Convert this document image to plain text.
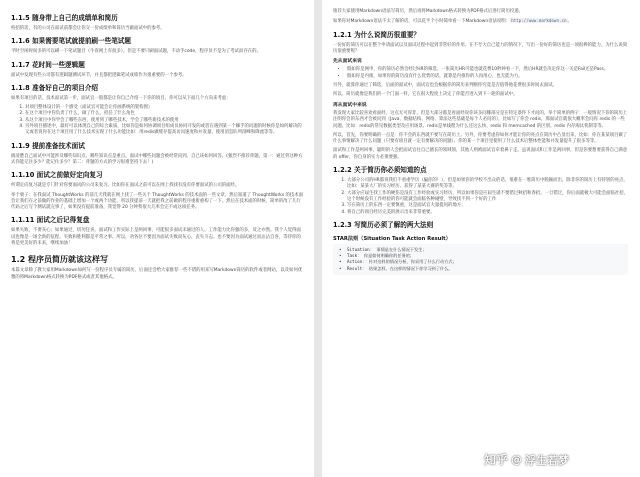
1.1.5 随身带上自己的成绩单和简历

校招的话，有的公司在面试前都会让你交一份成绩单和简历当做面试中的参考。

1.1.6 如果需要笔试就提前刷一些笔试题

平时空闲时间多的可以刷一下笔试题目（牛客网上有很多）。但是不要只刷面试题，不动手code，程序员不是为了考试而存在的。

1.1.7 花时间一些逻辑题

面试中发现有些公司都有逻辑题测试环节，并且都把逻辑笔试成绩作为很重要的一个参考。

1.1.8 准备好自己的项目介绍

如果有项目的话，技术面试第一步，面试官一般都是让你自己介绍一下你的项目。你可以从下面几个方向来考虑：

1. 对项目整体设计的一个感受（面试官可能会让你画系统的架构图）
2. 在这个项目中你负责了什么，做了什么，担任了什么角色
3. 从这个项目中你学会了哪些东西，使用到了哪些技术，学会了哪些新技术的使用
4. 另外项目描述中，最好可以体现自己的综合素质，比如你是如何协调项目组成员协同开发的或者在遇到某一个棘手的问题的时候你是如何解决的又或者说你在这个项目用了什么技术实现了什么功能比如：用redis做缓存提高访问速度和并发量、使用消息队列削峰和降流等等。
1.1.9 提前准备技术面试

搞清楚自己面试中可能涉及哪些知识点、哪些知识点是重点。面试中哪些问题会被经常问到、自己该如何回答。(强烈不推荐背题，第一：通过背这种方式你能记住多少？能记住多少？第二：背题的方式的学习很难坚持下去！)

1.1.10 面试之前做好定向复习

所谓定向复习就是专门针对你要面试的公司来复习。比如你在面试之前可以在网上找找有没有你要面试的公司的面经。

举个栗子：在我面试 ThoughtWorks 的前几天我就在网上找了一些关于 ThoughtWorks 的技术面的一些文章。然后知道了 ThoughtWorks 的技术面会让我们在之前做的作业的基础上增加一个或两个功能，所以我提前一天就把我之前做的程序重新重构了一下。然后在技术面的时候，简单的改了几行代码之后写个测试就完事了，如果没有提前准备，我觉得 20 分钟我很大几率会完不成这项任务。

1.1.11 面试之后记得复盘

如果失败，不要灰心；如果通过，切勿狂喜。面试和工作实际上是两回事，可能很多面试未通过的人，工作能力比你强的多，反之亦然。我个人觉得面试也像是一场全新的征程，失败和胜利都是平常之事。所以，劝各位不要因为面试失败而灰心、丧失斗志。也不要因为面试通过而沾沾自喜，等待你的将是更美好的未来，继续加油！

1.2 程序员简历就该这样写

本篇文章除了教大家用Markdown如何写一份程序员专属的简历，后面还会给大家推荐一些不错的用来写Markdown简历的软件或者网站，以及如何优雅的将Markdown格式转换为PDF格式或者其他格式。

推荐大家使用Markdown语法写简历，然后再将Markdown格式转换为PDF格式后进行简历投递。

如果你对Markdown语法不太了解的话，可以花半个小时简单看一下Markdown语法说明：http://www.markdown.cn。

1.2.1 为什么说简历很重要？

一份好的简历可以在整个申请面试以及面试过程中起到非常好的作用。在不夸大自己能力的情况下，写出一份好的简历也是一项很棒的能力。为什么说简历很重要呢？

先从面试来说

• 假如你是网申，你的简历必然会经过HR的筛选，一张简历HR可能也就花费10秒钟看一下，然后HR就会决定你这一关是Fail还是Pass。
• 假如你是内推，如果你的简历没有什么优势的话，就算是内推你的人再用心，也无能为力。

另外，就算你通过了筛选，后面的面试中，面试官也会根据你的简历来判断你究竟是否值得他花费很多时间去面试。

所以，简历就像是我们的一个门面一样，它在很大程度上决定了你能否进入到下一轮的面试中。

再从面试中来说

我发现大家比较喜欢看面经，这点无可厚非，但是大部分都是看面经说你该多问哪部分是在特定条件下才问的。举个简单的例子：一般情况下你的简历上注明你会的东西才会被问到（Java、数据结构、网络、算法这些基础是每个人必问的），比如写了你会 redis，那面试官就很大概率会问你 redis 的一些问题。比如：redis的常见数据类型及应用场景、redis是单线程为什么还这么快、redis 和 memcached 的区别、redis 内存淘汰机制等等。

所以，首先，你要明确的一点是：你不会的东西就不要写在简历上。另外，你要考虑你如何才能让你的亮点在简历中凸显出来，比如：你在某某项目做了什么事情解决了什么问题（只要有项目就一定有要解决的问题）、你的某一个项目里使用了什么技术后整体性能和并发量提升了很多等等。

面试和工作是两回事，聪明的人会把面试官往自己擅长的领域领，其他人则被面试官牵着鼻子走。虽说面试和工作是两回事，但是你要想要获得自己满意的 offer，你自身的实力必须要强。

1.2.2 关于简历你必须知道的点
1. 大部分公司的HR都说我们不看重学历（骗你的！），但是如果你的学校不出众的话，很难在一堆简历中脱颖而出，除非你的简历上有特别的亮点，比如：某某大厂的实习经历、获得了某某大赛的奖等等。
2. 大部分应届生找工作的硬伤是没有工作经验或实习经历，所以如果你是应届生就不要错过秋招和春招。一旦错过，你后面就极大可能会面临社招，这个时候没有工作经验的你可能就会面临各种碰壁，导致找不到一个好的工作
3. 写在简历上的东西一定要慎重，这是面试官大量提问的地方；
4. 将自己的项目经历完美的展示出来非常重要。
1.2.3 写简历必须了解的两大法则
STAR法则（Situation Task Action Result）
• Situation： 事情是在什么情况下发生；
• Task： 你是如何明确你的任务的；
• Action： 针对这样的情况分析，你采用了什么行动方式；
• Result： 结果怎样，在这样的情况下你学习到了什么。
知乎 @ 浮生若梦
